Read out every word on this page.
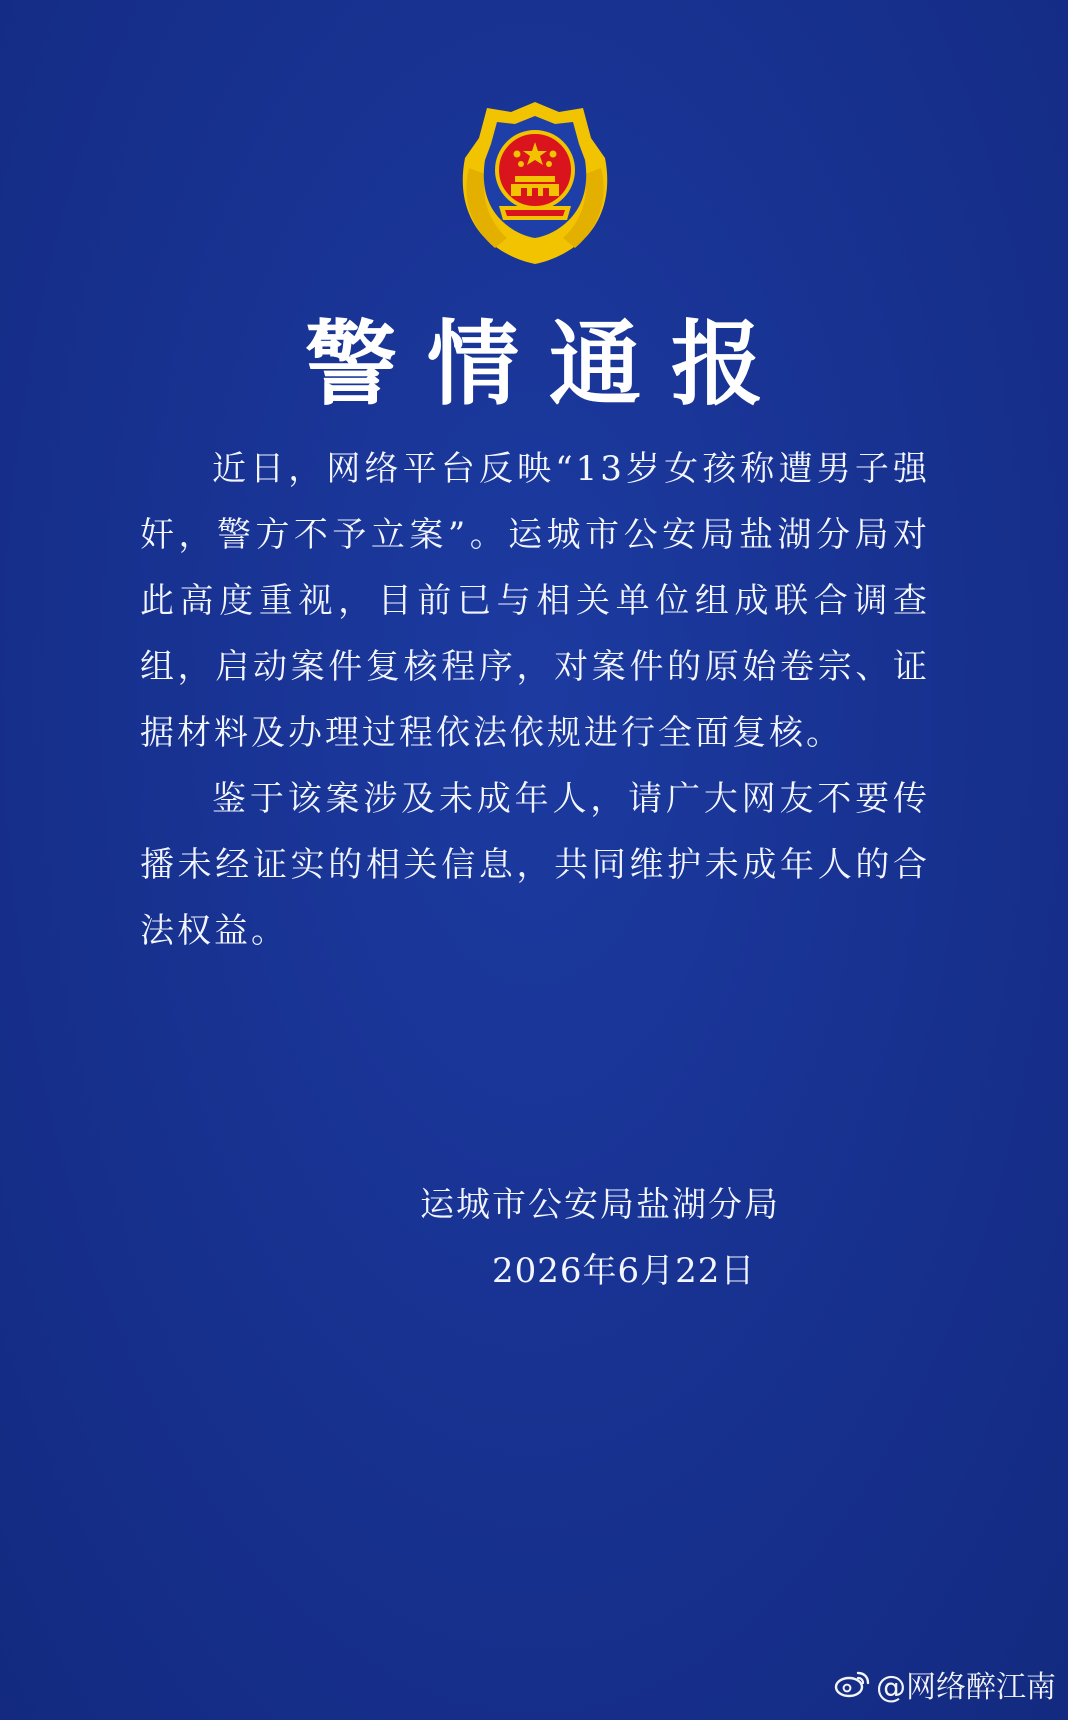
警情通报

近日，网络平台反映“13岁女孩称遭男子强奸，警方不予立案”。运城市公安局盐湖分局对此高度重视，目前已与相关单位组成联合调查组，启动案件复核程序，对案件的原始卷宗、证据材料及办理过程依法依规进行全面复核。

鉴于该案涉及未成年人，请广大网友不要传播未经证实的相关信息，共同维护未成年人的合法权益。

运城市公安局盐湖分局
2026年6月22日
@网络醉江南
